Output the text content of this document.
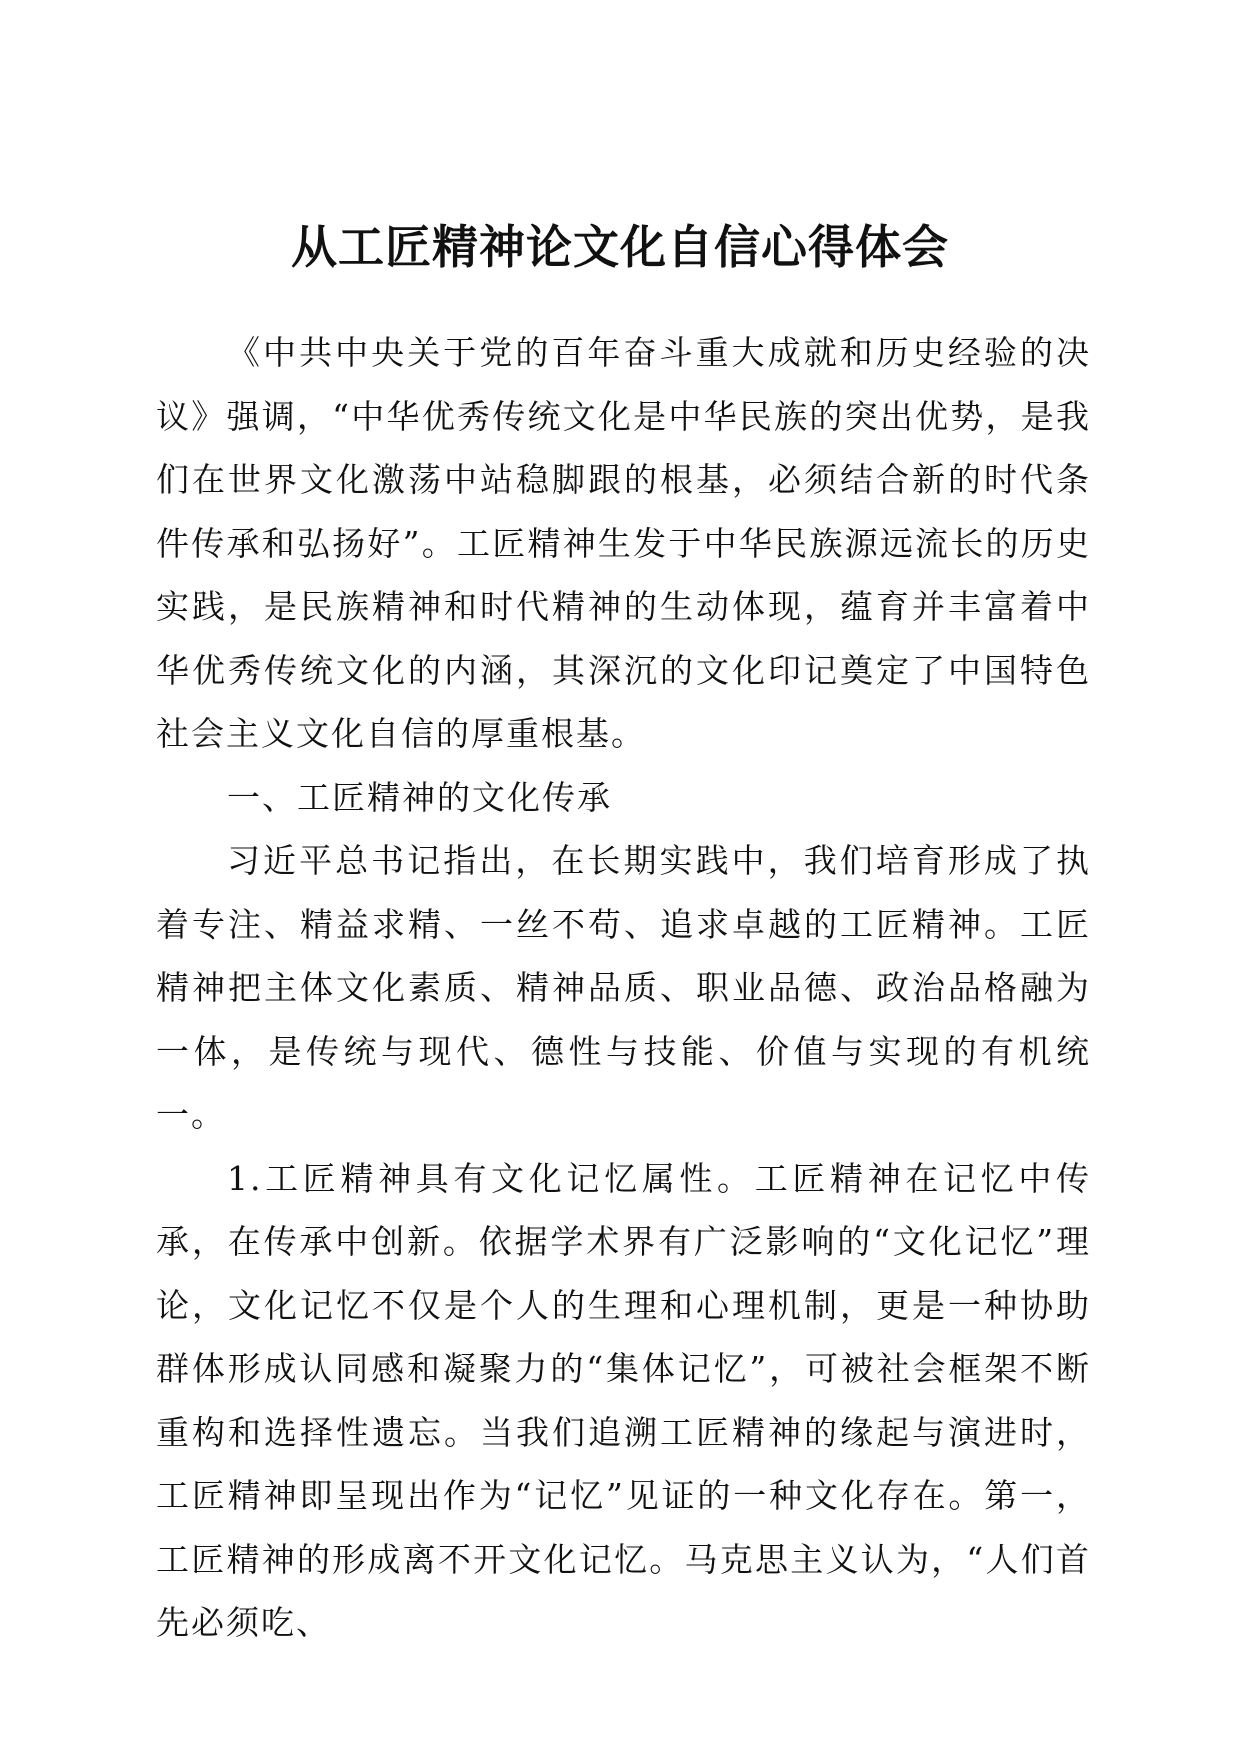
从工匠精神论文化自信心得体会

《中共中央关于党的百年奋斗重大成就和历史经验的决议》强调，“中华优秀传统文化是中华民族的突出优势，是我们在世界文化激荡中站稳脚跟的根基，必须结合新的时代条件传承和弘扬好”。工匠精神生发于中华民族源远流长的历史实践，是民族精神和时代精神的生动体现，蕴育并丰富着中华优秀传统文化的内涵，其深沉的文化印记奠定了中国特色社会主义文化自信的厚重根基。

一、工匠精神的文化传承

习近平总书记指出，在长期实践中，我们培育形成了执着专注、精益求精、一丝不苟、追求卓越的工匠精神。工匠精神把主体文化素质、精神品质、职业品德、政治品格融为一体，是传统与现代、德性与技能、价值与实现的有机统一。

1.工匠精神具有文化记忆属性。工匠精神在记忆中传承，在传承中创新。依据学术界有广泛影响的“文化记忆”理论，文化记忆不仅是个人的生理和心理机制，更是一种协助群体形成认同感和凝聚力的“集体记忆”，可被社会框架不断重构和选择性遗忘。当我们追溯工匠精神的缘起与演进时，工匠精神即呈现出作为“记忆”见证的一种文化存在。第一，工匠精神的形成离不开文化记忆。马克思主义认为，“人们首先必须吃、
